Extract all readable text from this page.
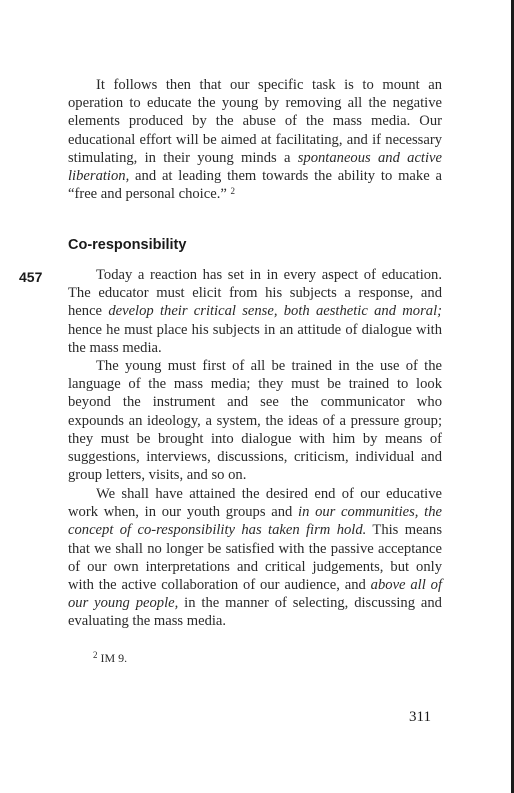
It follows then that our specific task is to mount an operation to educate the young by removing all the negative elements produced by the abuse of the mass media. Our educational effort will be aimed at facilitating, and if necessary stimulating, in their young minds a spontaneous and active liberation, and at leading them towards the ability to make a “free and personal choice.” $^2$

Co-responsibility
457	Today a reaction has set in in every aspect of education. The educator must elicit from his subjects a response, and hence develop their critical sense, both aesthetic and moral; hence he must place his subjects in an attitude of dialogue with the mass media.

The young must first of all be trained in the use of the language of the mass media; they must be trained to look beyond the instrument and see the communicator who expounds an ideology, a system, the ideas of a pressure group; they must be brought into dialogue with him by means of suggestions, interviews, discussions, criticism, individual and group letters, visits, and so on.

We shall have attained the desired end of our educative work when, in our youth groups and in our communities, the concept of co-responsibility has taken firm hold. This means that we shall no longer be satisfied with the passive acceptance of our own interpretations and critical judgements, but only with the active collaboration of our audience, and above all of our young people, in the manner of selecting, discussing and evaluating the mass media.

$^2$ IM 9.

311
